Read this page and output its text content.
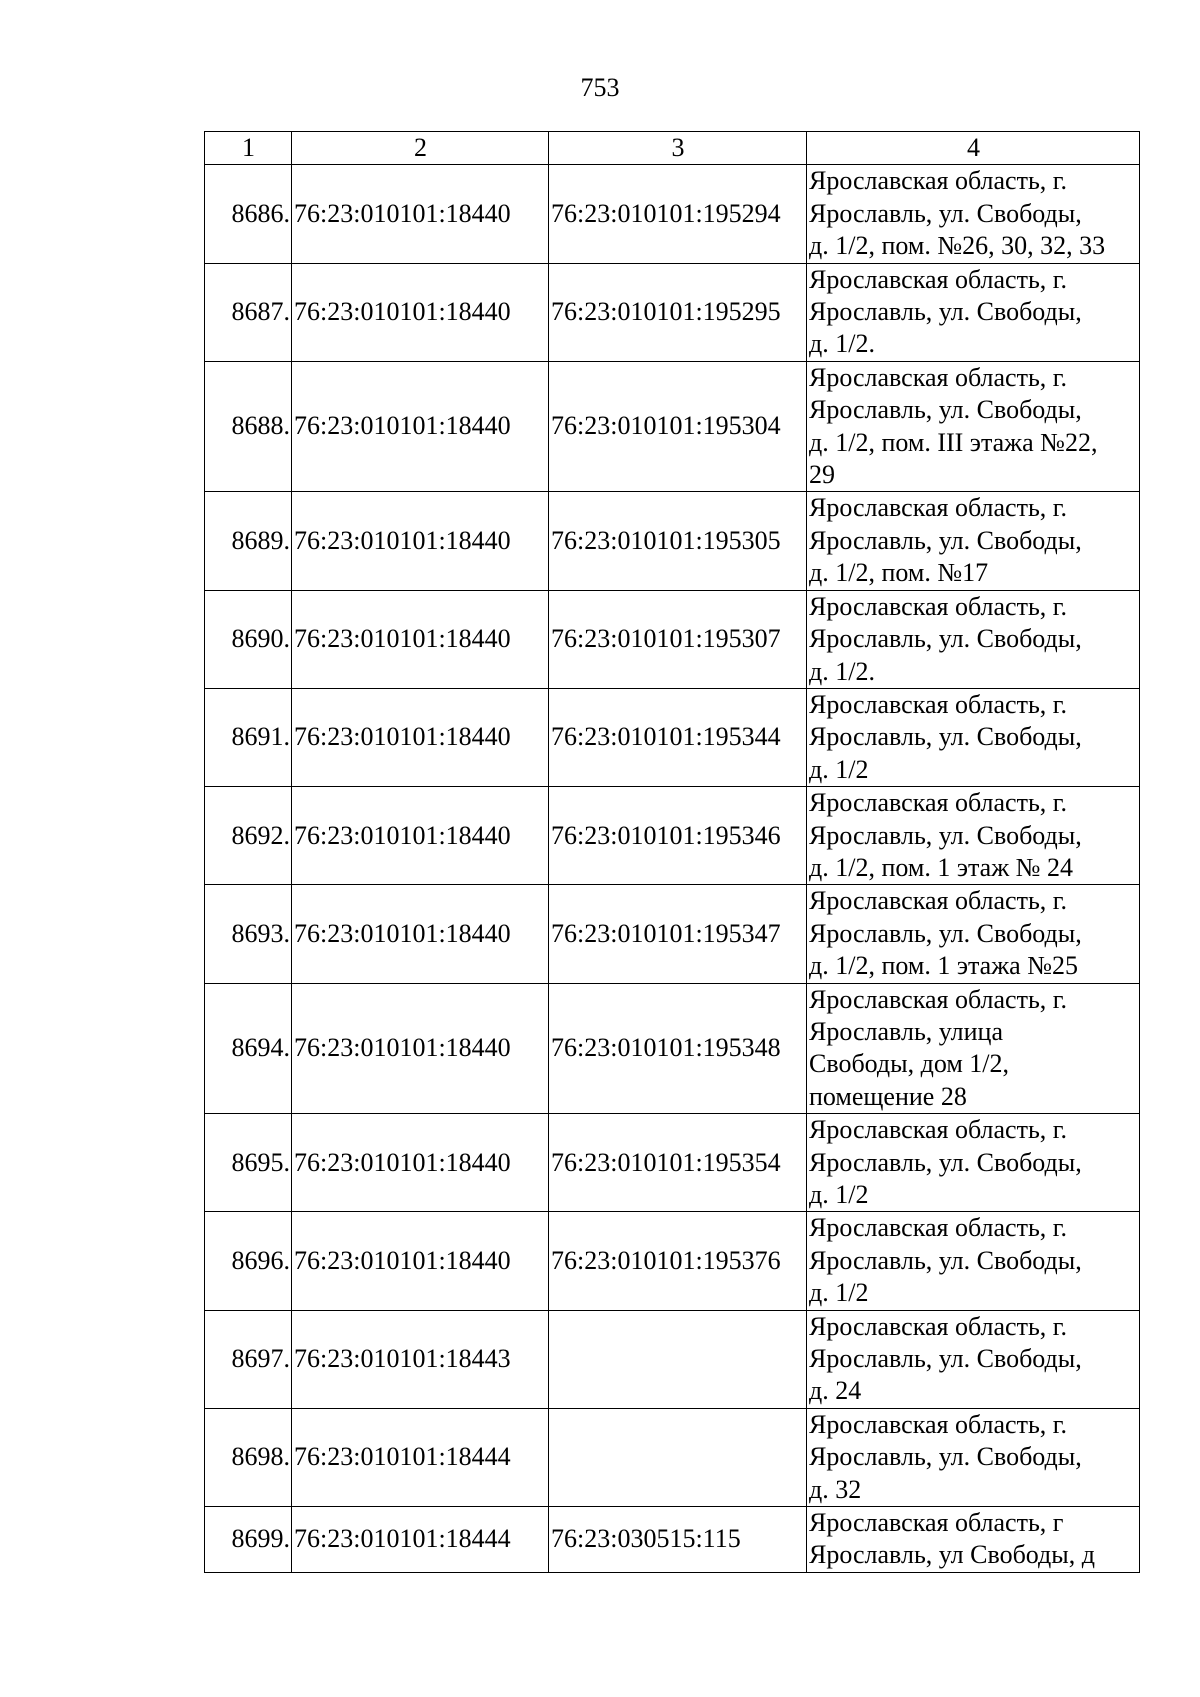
753
1	2	3	4
8686.	76:23:010101:18440	76:23:010101:195294	Ярославская область, г.
Ярославль, ул. Свободы,
д. 1/2, пом. №26, 30, 32, 33

8687.	76:23:010101:18440	76:23:010101:195295	Ярославская область, г.
Ярославль, ул. Свободы,
д. 1/2.

8688.	76:23:010101:18440	76:23:010101:195304	Ярославская область, г.
Ярославль, ул. Свободы,
д. 1/2, пом. III этажа №22,
29

8689.	76:23:010101:18440	76:23:010101:195305	Ярославская область, г.
Ярославль, ул. Свободы,
д. 1/2, пом. №17

8690.	76:23:010101:18440	76:23:010101:195307	Ярославская область, г.
Ярославль, ул. Свободы,
д. 1/2.

8691.	76:23:010101:18440	76:23:010101:195344	Ярославская область, г.
Ярославль, ул. Свободы,
д. 1/2

8692.	76:23:010101:18440	76:23:010101:195346	Ярославская область, г.
Ярославль, ул. Свободы,
д. 1/2, пом. 1 этаж № 24

8693.	76:23:010101:18440	76:23:010101:195347	Ярославская область, г.
Ярославль, ул. Свободы,
д. 1/2, пом. 1 этажа №25

8694.	76:23:010101:18440	76:23:010101:195348	Ярославская область, г.
Ярославль, улица
Свободы, дом 1/2,
помещение 28

8695.	76:23:010101:18440	76:23:010101:195354	Ярославская область, г.
Ярославль, ул. Свободы,
д. 1/2

8696.	76:23:010101:18440	76:23:010101:195376	Ярославская область, г.
Ярославль, ул. Свободы,
д. 1/2

8697.	76:23:010101:18443		Ярославская область, г.
Ярославль, ул. Свободы,
д. 24

8698.	76:23:010101:18444		Ярославская область, г.
Ярославль, ул. Свободы,
д. 32

8699.	76:23:010101:18444	76:23:030515:115	Ярославская область, г
Ярославль, ул Свободы, д
